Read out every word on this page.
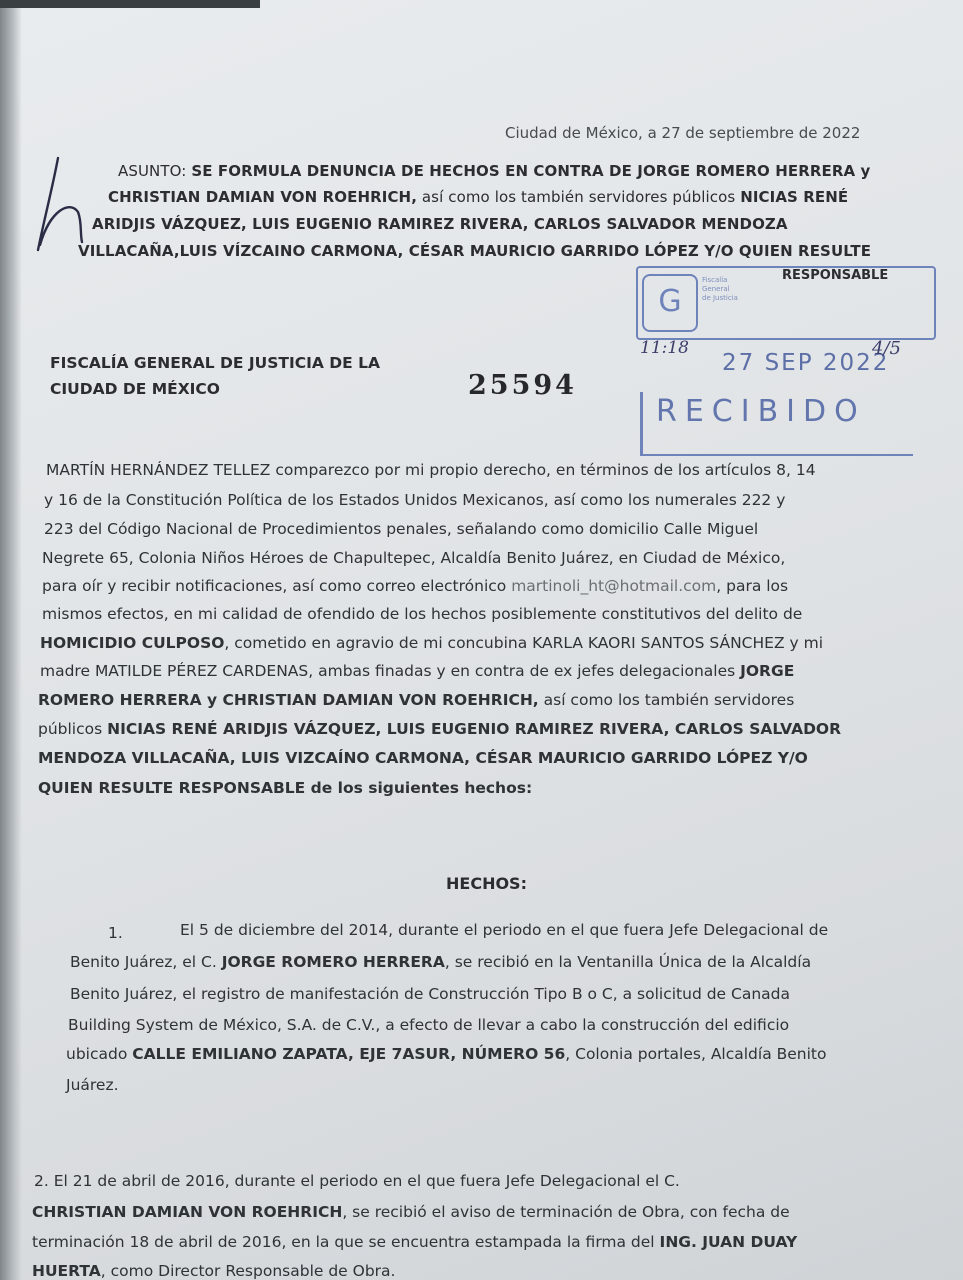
Ciudad de México, a 27 de septiembre de 2022
ASUNTO: SE FORMULA DENUNCIA DE HECHOS EN CONTRA DE JORGE ROMERO HERRERA y
CHRISTIAN DAMIAN VON ROEHRICH, así como los también servidores públicos NICIAS RENÉ
ARIDJIS VÁZQUEZ, LUIS EUGENIO RAMIREZ RIVERA, CARLOS SALVADOR MENDOZA
VILLACAÑA,LUIS VÍZCAINO CARMONA, CÉSAR MAURICIO GARRIDO LÓPEZ Y/O QUIEN RESULTE
RESPONSABLE
FISCALÍA GENERAL DE JUSTICIA DE LA
CIUDAD DE MÉXICO	25594
G
Fiscalía
General
de Justicia
11:18
27 SEP 2022
4/5
RECIBIDO
MARTÍN HERNÁNDEZ TELLEZ comparezco por mi propio derecho, en términos de los artículos 8, 14
y 16 de la Constitución Política de los Estados Unidos Mexicanos, así como los numerales 222 y
223 del Código Nacional de Procedimientos penales, señalando como domicilio Calle Miguel
Negrete 65, Colonia Niños Héroes de Chapultepec, Alcaldía Benito Juárez, en Ciudad de México,
para oír y recibir notificaciones, así como correo electrónico martinoli_ht@hotmail.com, para los
mismos efectos, en mi calidad de ofendido de los hechos posiblemente constitutivos del delito de
HOMICIDIO CULPOSO, cometido en agravio de mi concubina KARLA KAORI SANTOS SÁNCHEZ y mi
madre MATILDE PÉREZ CARDENAS, ambas finadas y en contra de ex jefes delegacionales JORGE
ROMERO HERRERA y CHRISTIAN DAMIAN VON ROEHRICH, así como los también servidores
públicos NICIAS RENÉ ARIDJIS VÁZQUEZ, LUIS EUGENIO RAMIREZ RIVERA, CARLOS SALVADOR
MENDOZA VILLACAÑA, LUIS VIZCAÍNO CARMONA, CÉSAR MAURICIO GARRIDO LÓPEZ Y/O
QUIEN RESULTE RESPONSABLE de los siguientes hechos:
HECHOS:
1.	El 5 de diciembre del 2014, durante el periodo en el que fuera Jefe Delegacional de
Benito Juárez, el C. JORGE ROMERO HERRERA, se recibió en la Ventanilla Única de la Alcaldía
Benito Juárez, el registro de manifestación de Construcción Tipo B o C, a solicitud de Canada
Building System de México, S.A. de C.V., a efecto de llevar a cabo la construcción del edificio
ubicado CALLE EMILIANO ZAPATA, EJE 7ASUR, NÚMERO 56, Colonia portales, Alcaldía Benito
Juárez.
2. El 21 de abril de 2016, durante el periodo en el que fuera Jefe Delegacional el C.
CHRISTIAN DAMIAN VON ROEHRICH, se recibió el aviso de terminación de Obra, con fecha de
terminación 18 de abril de 2016, en la que se encuentra estampada la firma del ING. JUAN DUAY
HUERTA, como Director Responsable de Obra.
